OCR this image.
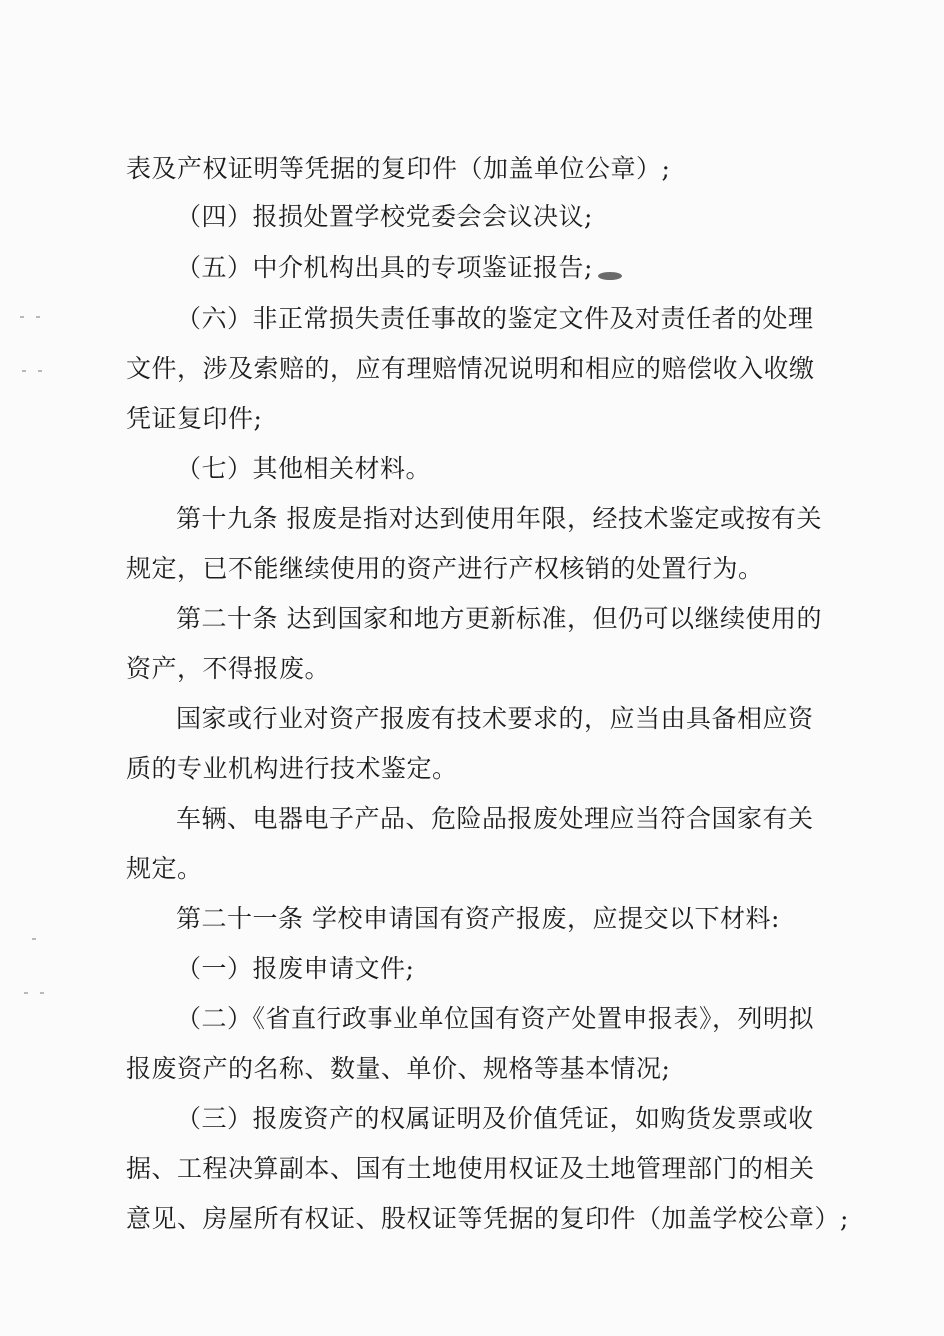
表及产权证明等凭据的复印件（加盖单位公章）;
（四）报损处置学校党委会会议决议;
（五）中介机构出具的专项鉴证报告;
（六）非正常损失责任事故的鉴定文件及对责任者的处理
文件，涉及索赔的，应有理赔情况说明和相应的赔偿收入收缴
凭证复印件;
（七）其他相关材料。
第十九条 报废是指对达到使用年限，经技术鉴定或按有关
规定，已不能继续使用的资产进行产权核销的处置行为。
第二十条 达到国家和地方更新标准，但仍可以继续使用的
资产，不得报废。
国家或行业对资产报废有技术要求的，应当由具备相应资
质的专业机构进行技术鉴定。
车辆、电器电子产品、危险品报废处理应当符合国家有关
规定。
第二十一条 学校申请国有资产报废，应提交以下材料:
（一）报废申请文件;
（二）《省直行政事业单位国有资产处置申报表》，列明拟
报废资产的名称、数量、单价、规格等基本情况;
（三）报废资产的权属证明及价值凭证，如购货发票或收
据、工程决算副本、国有土地使用权证及土地管理部门的相关
意见、房屋所有权证、股权证等凭据的复印件（加盖学校公章）;
